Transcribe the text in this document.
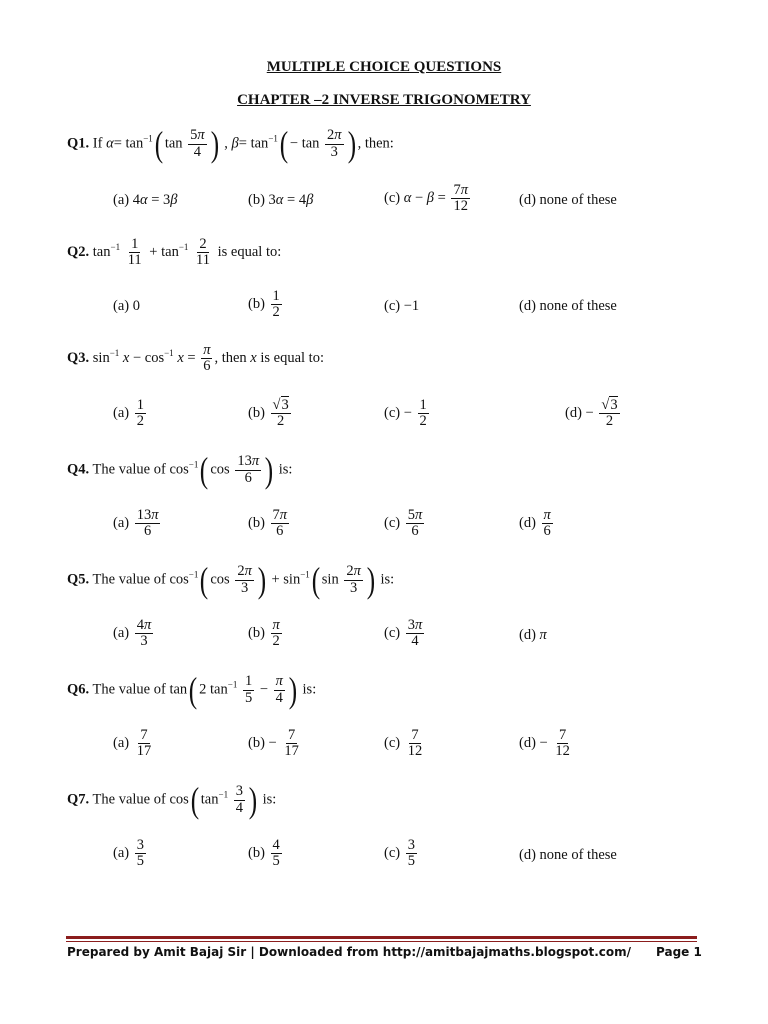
MULTIPLE CHOICE QUESTIONS
CHAPTER –2 INVERSE TRIGONOMETRY
Q1. If $\alpha= \tan^{-1}$( $\tan \frac{5\pi}{4}$ ) , $\beta= \tan^{-1}( - \tan \frac{2\pi}{3}$ ) , then:
(a) 4α = 3β	(b) 3α = 4β	(c) $\alpha - \beta = \frac{7\pi}{12}$	(d) none of these
Q2. $\tan^{-1} \frac{1}{11} + \tan^{-1} \frac{2}{11}$ is equal to:
(a) 0	$(b) \frac{1}{2}$	(c) −1	(d) none of these
Q3. $\sin^{-1} x - \cos^{-1} x = \frac{\pi}{6}$ , then x is equal to:
$(a) \frac{1}{2}$	$(b) \frac{√3}{2}$	$(c) - \frac{1}{2}$	$(d) - \frac{√3}{2}$
Q4. The value of $\cos^{-1}$( $\cos \frac{13\pi}{6}$ ) is:
$(a) \frac{13\pi}{6}$	$(b) \frac{7\pi}{6}$	$(c) \frac{5\pi}{6}$	$(d) \frac{\pi}{6}$
Q5. The value of $\cos^{-1}$( $\cos \frac{2\pi}{3}$ ) + $\sin^{-1}$( $\sin \frac{2\pi}{3}$ ) is:
$(a) \frac{4\pi}{3}$	$(b) \frac{\pi}{2}$	$(c) \frac{3\pi}{4}$	(d) π
Q6. The value of tan( 2 $\tan^{-1} \frac{1}{5} - \frac{\pi}{4}$ ) is:
$(a) \frac{7}{17}$	$(b) - \frac{7}{17}$	$(c) \frac{7}{12}$	$(d) - \frac{7}{12}$
Q7. The value of cos( $\tan^{-1} \frac{3}{4}$ ) is:
$(a) \frac{3}{5}$	$(b) \frac{4}{5}$	$(c) \frac{3}{5}$	(d) none of these
Prepared by Amit Bajaj Sir | Downloaded from http://amitbajajmaths.blogspot.com/ Page 1
